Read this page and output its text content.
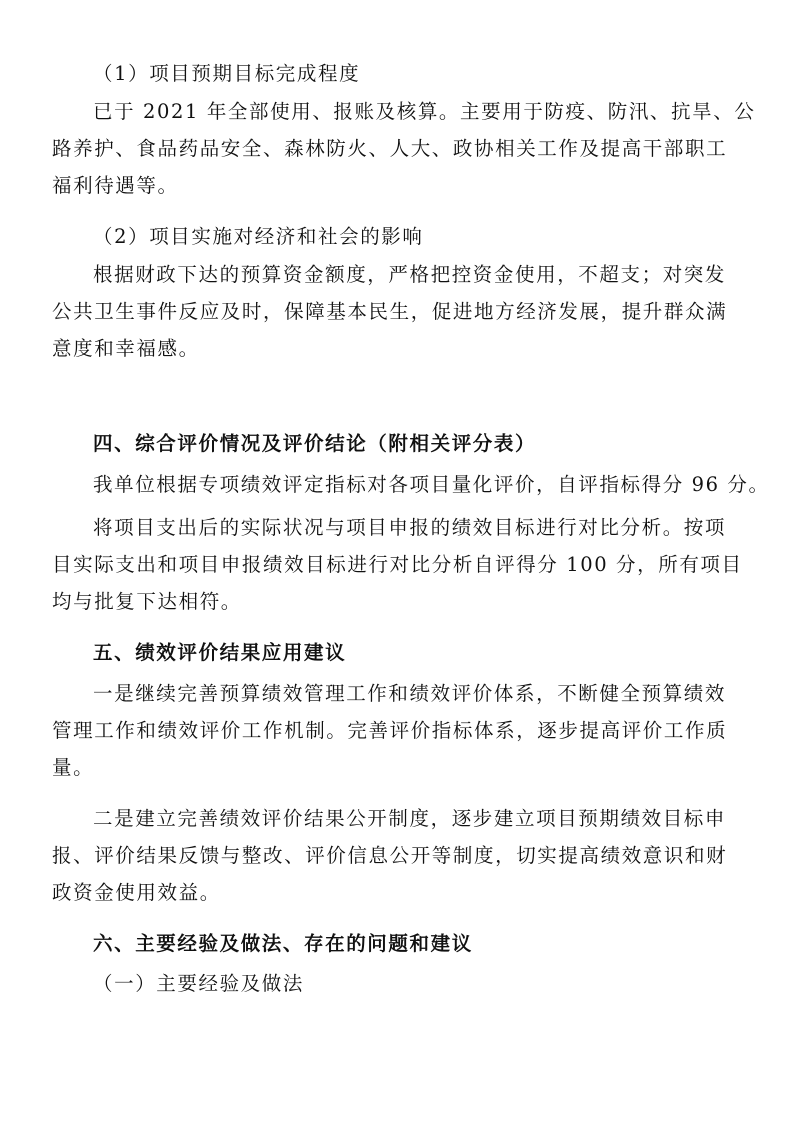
（1）项目预期目标完成程度
已于 2021 年全部使用、报账及核算。主要用于防疫、防汛、抗旱、公
路养护、食品药品安全、森林防火、人大、政协相关工作及提高干部职工
福利待遇等。
（2）项目实施对经济和社会的影响
根据财政下达的预算资金额度，严格把控资金使用，不超支；对突发
公共卫生事件反应及时，保障基本民生，促进地方经济发展，提升群众满
意度和幸福感。
四、综合评价情况及评价结论（附相关评分表）
我单位根据专项绩效评定指标对各项目量化评价，自评指标得分 96 分。
将项目支出后的实际状况与项目申报的绩效目标进行对比分析。按项
目实际支出和项目申报绩效目标进行对比分析自评得分 100 分，所有项目
均与批复下达相符。
五、绩效评价结果应用建议
一是继续完善预算绩效管理工作和绩效评价体系，不断健全预算绩效
管理工作和绩效评价工作机制。完善评价指标体系，逐步提高评价工作质
量。
二是建立完善绩效评价结果公开制度，逐步建立项目预期绩效目标申
报、评价结果反馈与整改、评价信息公开等制度，切实提高绩效意识和财
政资金使用效益。
六、主要经验及做法、存在的问题和建议
（一）主要经验及做法
